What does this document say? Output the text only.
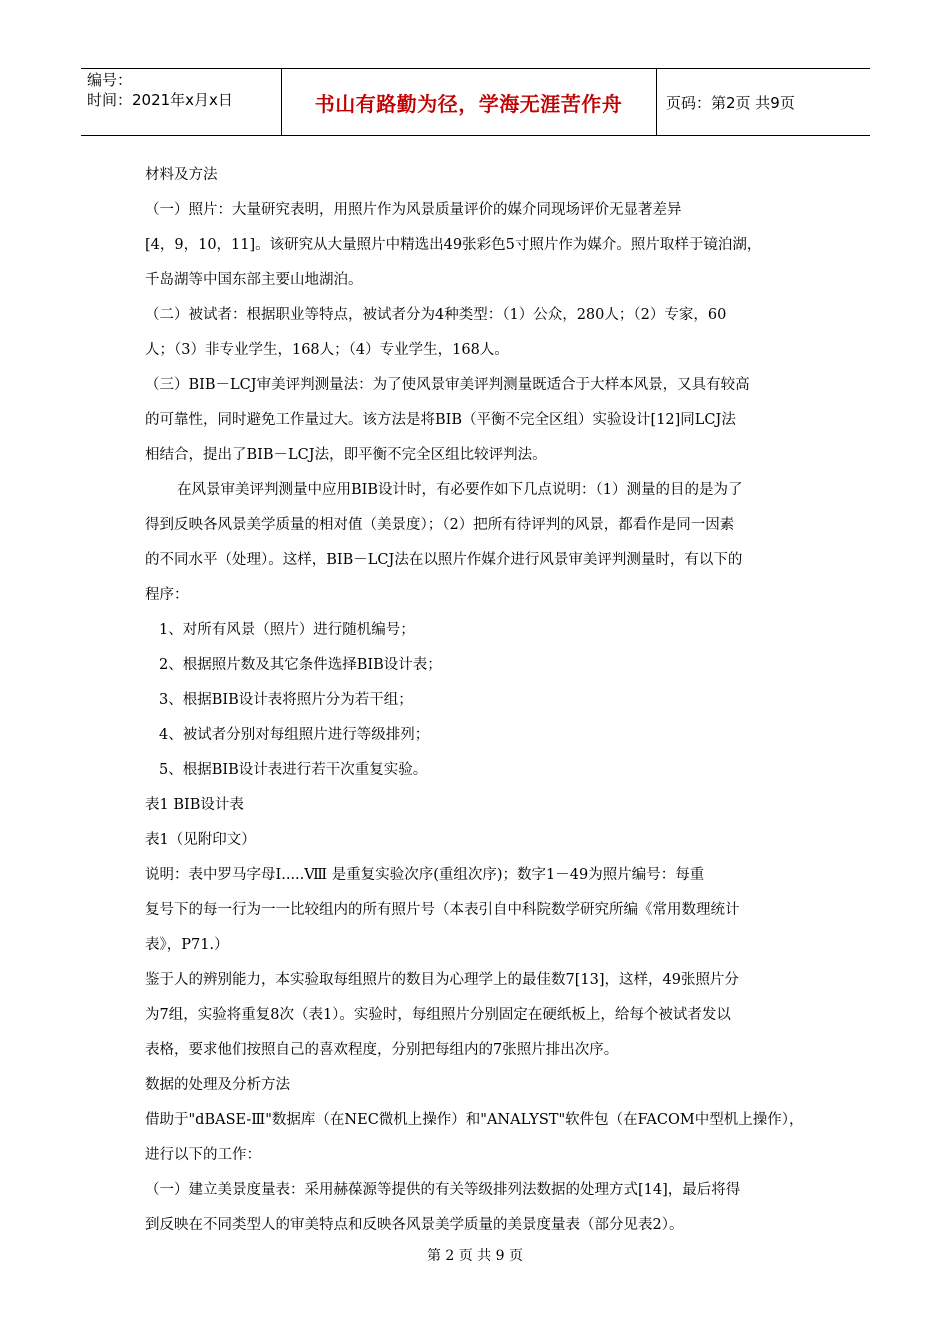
编号：
时间：2021年x月x日	书山有路勤为径，学海无涯苦作舟	页码：第2页 共9页
材料及方法
（一）照片：大量研究表明，用照片作为风景质量评价的媒介同现场评价无显著差异
[4，9，10，11]。该研究从大量照片中精选出49张彩色5寸照片作为媒介。照片取样于镜泊湖，
千岛湖等中国东部主要山地湖泊。
（二）被试者：根据职业等特点，被试者分为4种类型：（1）公众，280人；（2）专家，60
人；（3）非专业学生，168人；（4）专业学生，168人。
（三）BIB－LCJ审美评判测量法：为了使风景审美评判测量既适合于大样本风景，又具有较高
的可靠性，同时避免工作量过大。该方法是将BIB（平衡不完全区组）实验设计[12]同LCJ法
相结合，提出了BIB－LCJ法，即平衡不完全区组比较评判法。
在风景审美评判测量中应用BIB设计时，有必要作如下几点说明：（1）测量的目的是为了
得到反映各风景美学质量的相对值（美景度）；（2）把所有待评判的风景，都看作是同一因素
的不同水平（处理）。这样，BIB－LCJ法在以照片作媒介进行风景审美评判测量时，有以下的
程序：
1、对所有风景（照片）进行随机编号；
2、根据照片数及其它条件选择BIB设计表；
3、根据BIB设计表将照片分为若干组；
4、被试者分别对每组照片进行等级排列；
5、根据BIB设计表进行若干次重复实验。
表1 BIB设计表
表1（见附印文）
说明：表中罗马字母Ⅰ.....Ⅷ 是重复实验次序(重组次序)；数字1－49为照片编号：每重
复号下的每一行为一一比较组内的所有照片号（本表引自中科院数学研究所编《常用数理统计
表》，P71.）
鉴于人的辨别能力，本实验取每组照片的数目为心理学上的最佳数7[13]，这样，49张照片分
为7组，实验将重复8次（表1）。实验时，每组照片分别固定在硬纸板上，给每个被试者发以
表格，要求他们按照自己的喜欢程度，分别把每组内的7张照片排出次序。
数据的处理及分析方法
借助于"dBASE-Ⅲ"数据库（在NEC微机上操作）和"ANALYST"软件包（在FACOM中型机上操作），
进行以下的工作：
（一）建立美景度量表：采用赫葆源等提供的有关等级排列法数据的处理方式[14]，最后将得
到反映在不同类型人的审美特点和反映各风景美学质量的美景度量表（部分见表2）。
第 2 页 共 9 页
